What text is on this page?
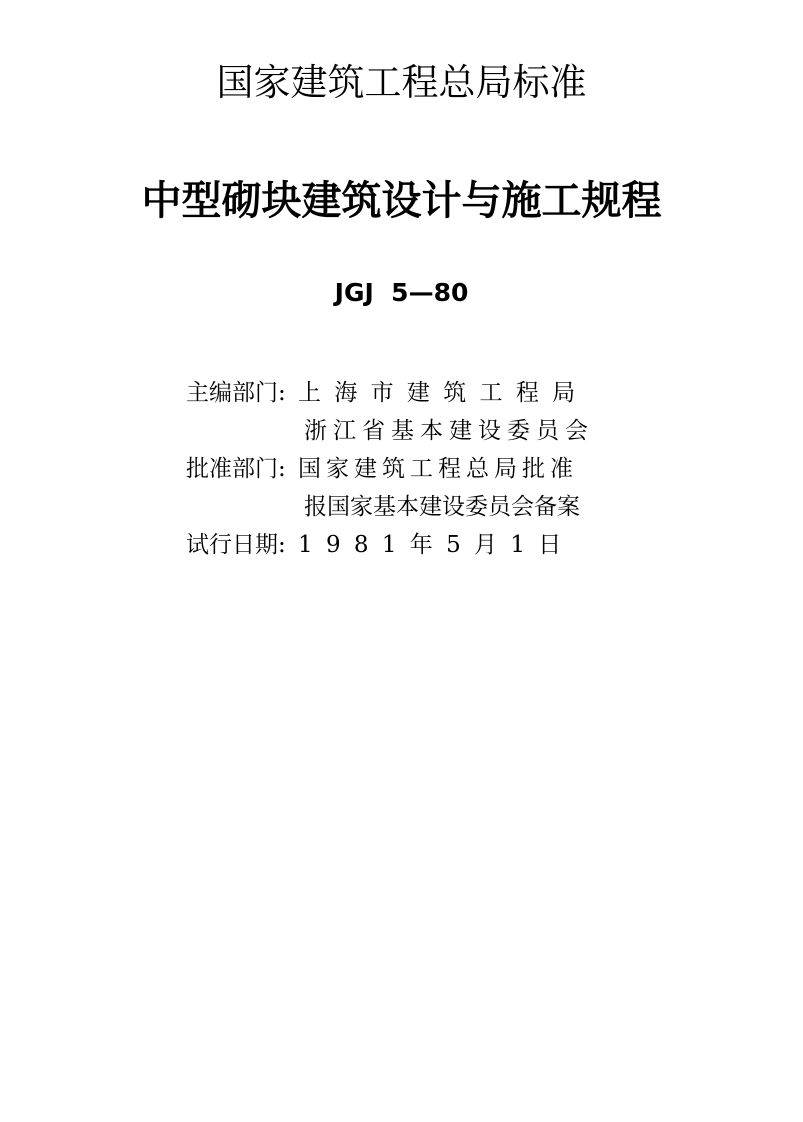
国家建筑工程总局标准
中型砌块建筑设计与施工规程
JGJ  5—80
主编部门: 上 海 市 建 筑 工 程 局
浙江省基本建设委员会
批准部门: 国家建筑工程总局批准
报国家基本建设委员会备案
试行日期: 1 9 8 1 年 5 月 1 日
